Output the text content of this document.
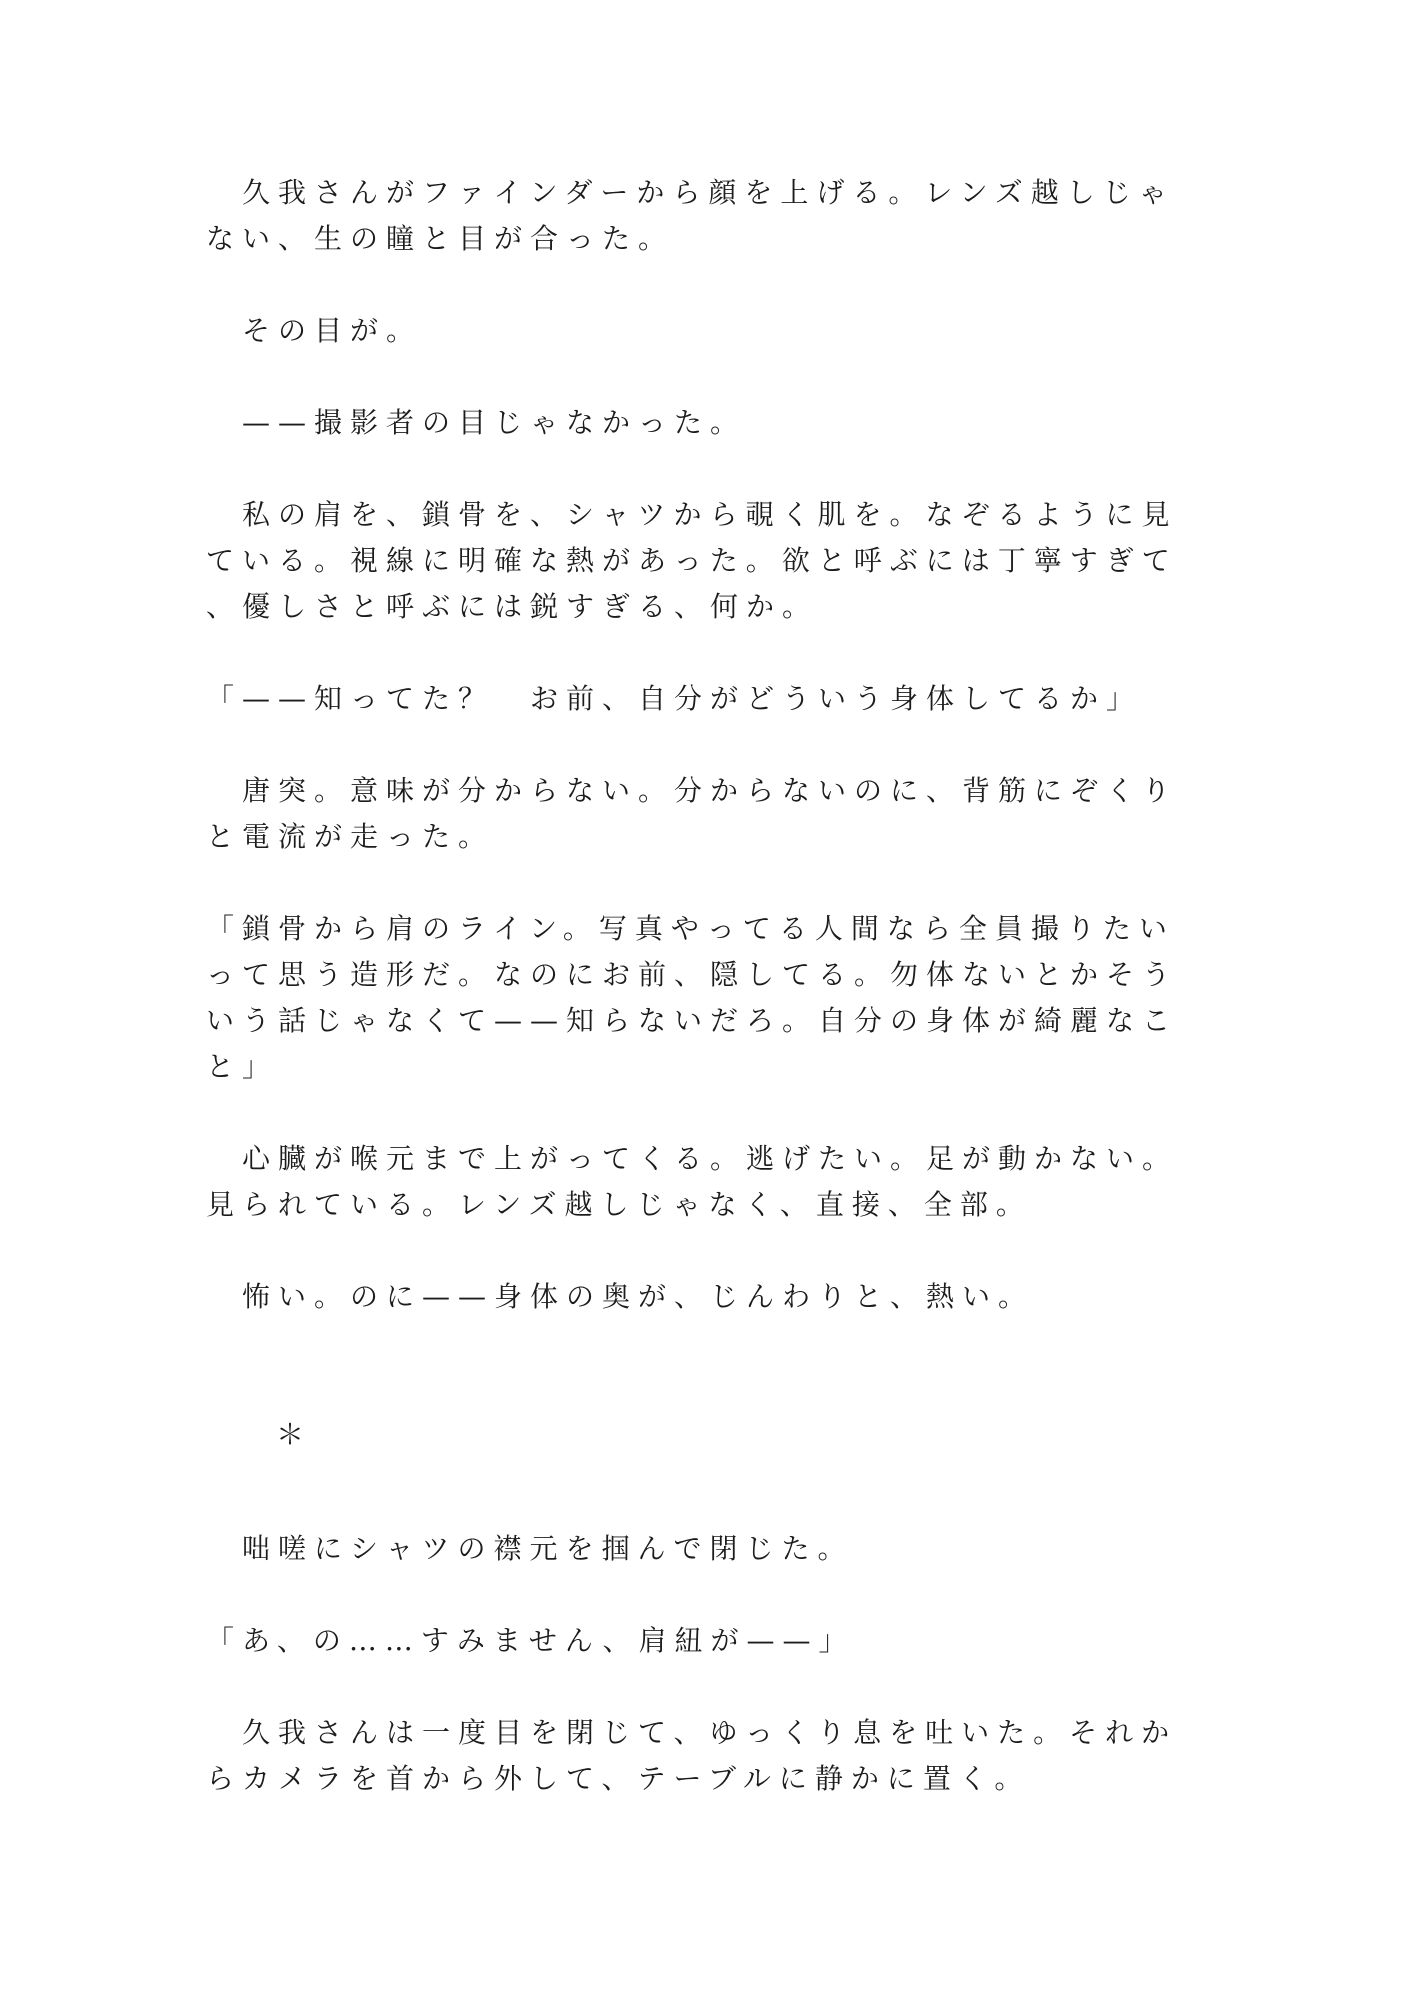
　久我さんがファインダーから顔を上げる。レンズ越しじゃない、生の瞳と目が合った。

　その目が。

　——撮影者の目じゃなかった。

　私の肩を、鎖骨を、シャツから覗く肌を。なぞるように見ている。視線に明確な熱があった。欲と呼ぶには丁寧すぎて、優しさと呼ぶには鋭すぎる、何か。

「——知ってた？　お前、自分がどういう身体してるか」

　唐突。意味が分からない。分からないのに、背筋にぞくりと電流が走った。

「鎖骨から肩のライン。写真やってる人間なら全員撮りたいって思う造形だ。なのにお前、隠してる。勿体ないとかそういう話じゃなくて——知らないだろ。自分の身体が綺麗なこと」

　心臓が喉元まで上がってくる。逃げたい。足が動かない。見られている。レンズ越しじゃなく、直接、全部。

　怖い。のに——身体の奥が、じんわりと、熱い。

＊

　咄嗟にシャツの襟元を掴んで閉じた。

「あ、の……すみません、肩紐が——」

　久我さんは一度目を閉じて、ゆっくり息を吐いた。それからカメラを首から外して、テーブルに静かに置く。
